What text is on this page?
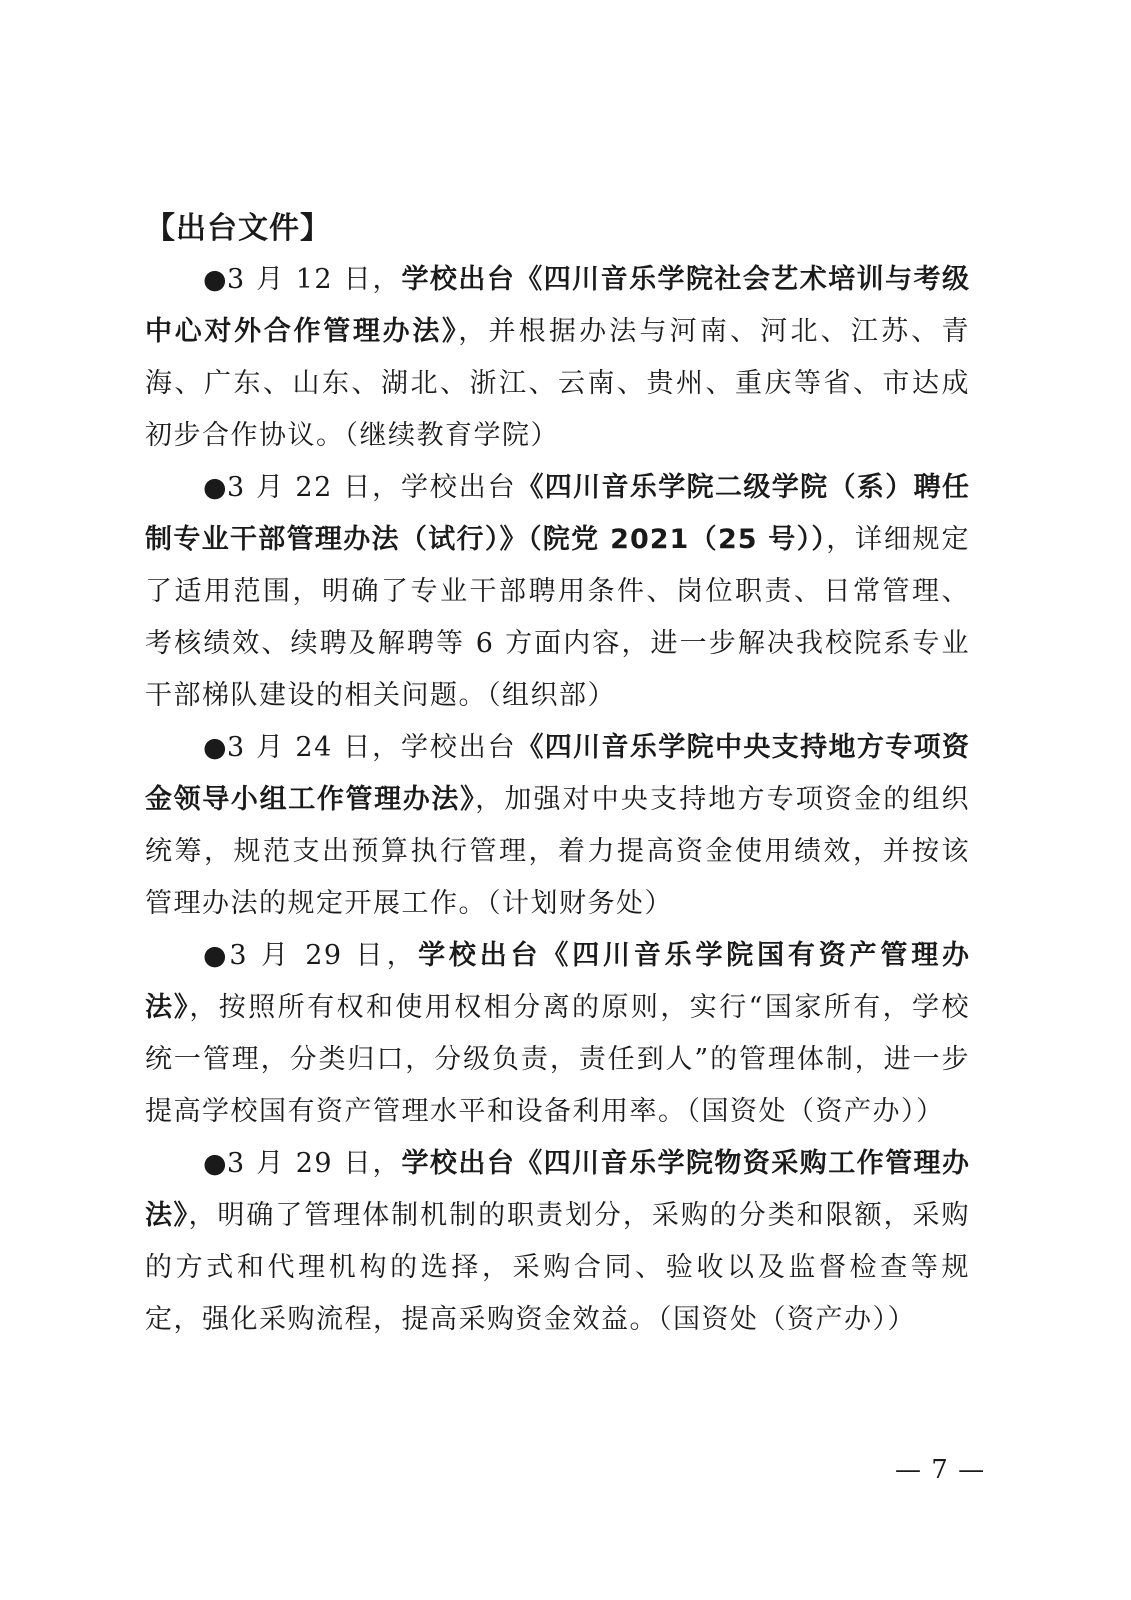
【出台文件】

●3 月 12 日，学校出台《四川音乐学院社会艺术培训与考级中心对外合作管理办法》，并根据办法与河南、河北、江苏、青海、广东、山东、湖北、浙江、云南、贵州、重庆等省、市达成初步合作协议。（继续教育学院）

●3 月 22 日，学校出台《四川音乐学院二级学院（系）聘任制专业干部管理办法（试行）》（院党 2021（25 号）），详细规定了适用范围，明确了专业干部聘用条件、岗位职责、日常管理、考核绩效、续聘及解聘等 6 方面内容，进一步解决我校院系专业干部梯队建设的相关问题。（组织部）

●3 月 24 日，学校出台《四川音乐学院中央支持地方专项资金领导小组工作管理办法》，加强对中央支持地方专项资金的组织统筹，规范支出预算执行管理，着力提高资金使用绩效，并按该管理办法的规定开展工作。（计划财务处）

●3 月 29 日，学校出台《四川音乐学院国有资产管理办法》，按照所有权和使用权相分离的原则，实行“国家所有，学校统一管理，分类归口，分级负责，责任到人”的管理体制，进一步提高学校国有资产管理水平和设备利用率。（国资处（资产办））

●3 月 29 日，学校出台《四川音乐学院物资采购工作管理办法》，明确了管理体制机制的职责划分，采购的分类和限额，采购的方式和代理机构的选择，采购合同、验收以及监督检查等规定，强化采购流程，提高采购资金效益。（国资处（资产办））

— 7 —
